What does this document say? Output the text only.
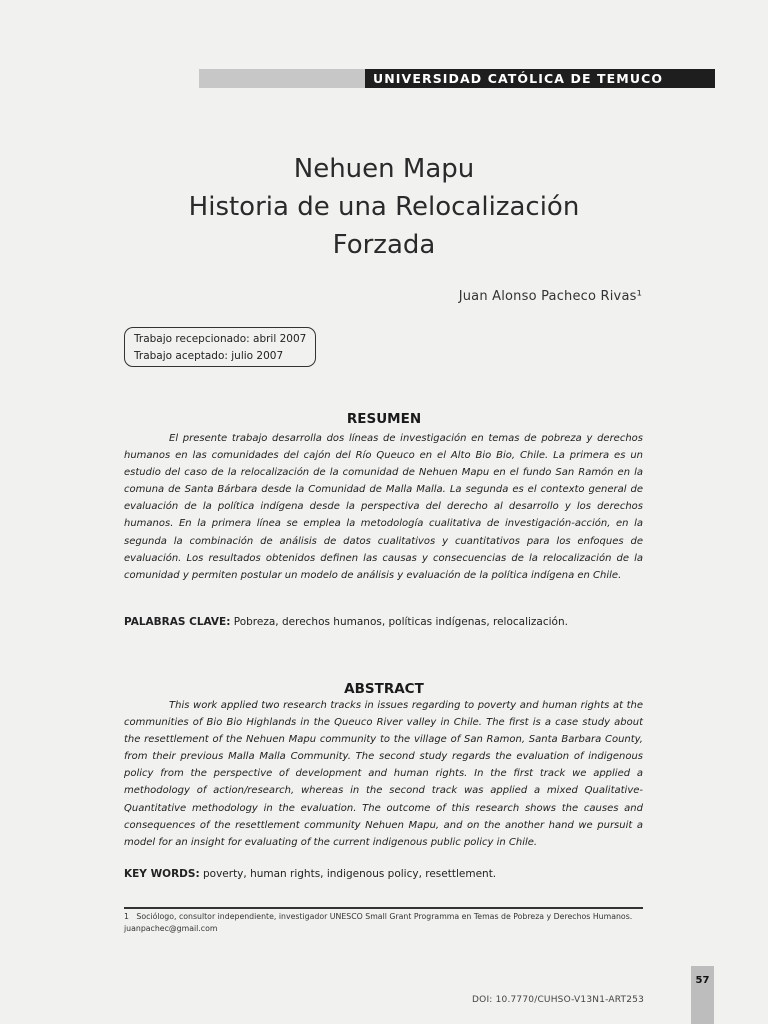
UNIVERSIDAD CATÓLICA DE TEMUCO
Nehuen Mapu
Historia de una Relocalización
Forzada
Juan Alonso Pacheco Rivas¹
Trabajo recepcionado: abril 2007
Trabajo aceptado: julio 2007
RESUMEN

El presente trabajo desarrolla dos líneas de investigación en temas de pobreza y derechos humanos en las comunidades del cajón del Río Queuco en el Alto Bio Bio, Chile. La primera es un estudio del caso de la relocalización de la comunidad de Nehuen Mapu en el fundo San Ramón en la comuna de Santa Bárbara desde la Comunidad de Malla Malla. La segunda es el contexto general de evaluación de la política indígena desde la perspectiva del derecho al desarrollo y los derechos humanos. En la primera línea se emplea la metodología cualitativa de investigación-acción, en la segunda la combinación de análisis de datos cualitativos y cuantitativos para los enfoques de evaluación. Los resultados obtenidos definen las causas y consecuencias de la relocalización de la comunidad y permiten postular un modelo de análisis y evaluación de la política indígena en Chile.

PALABRAS CLAVE: Pobreza, derechos humanos, políticas indígenas, relocalización.
ABSTRACT

This work applied two research tracks in issues regarding to poverty and human rights at the communities of Bio Bio Highlands in the Queuco River valley in Chile. The first is a case study about the resettlement of the Nehuen Mapu community to the village of San Ramon, Santa Barbara County, from their previous Malla Malla Community. The second study regards the evaluation of indigenous policy from the perspective of development and human rights. In the first track we applied a methodology of action/research, whereas in the second track was applied a mixed Qualitative- Quantitative methodology in the evaluation. The outcome of this research shows the causes and consequences of the resettlement community Nehuen Mapu, and on the another hand we pursuit a model for an insight for evaluating of the current indigenous public policy in Chile.

KEY WORDS: poverty, human rights, indigenous policy, resettlement.
1 Sociólogo, consultor independiente, investigador UNESCO Small Grant Programma en Temas de Pobreza y Derechos Humanos.
juanpachec@gmail.com
57
DOI: 10.7770/CUHSO-V13N1-ART253
